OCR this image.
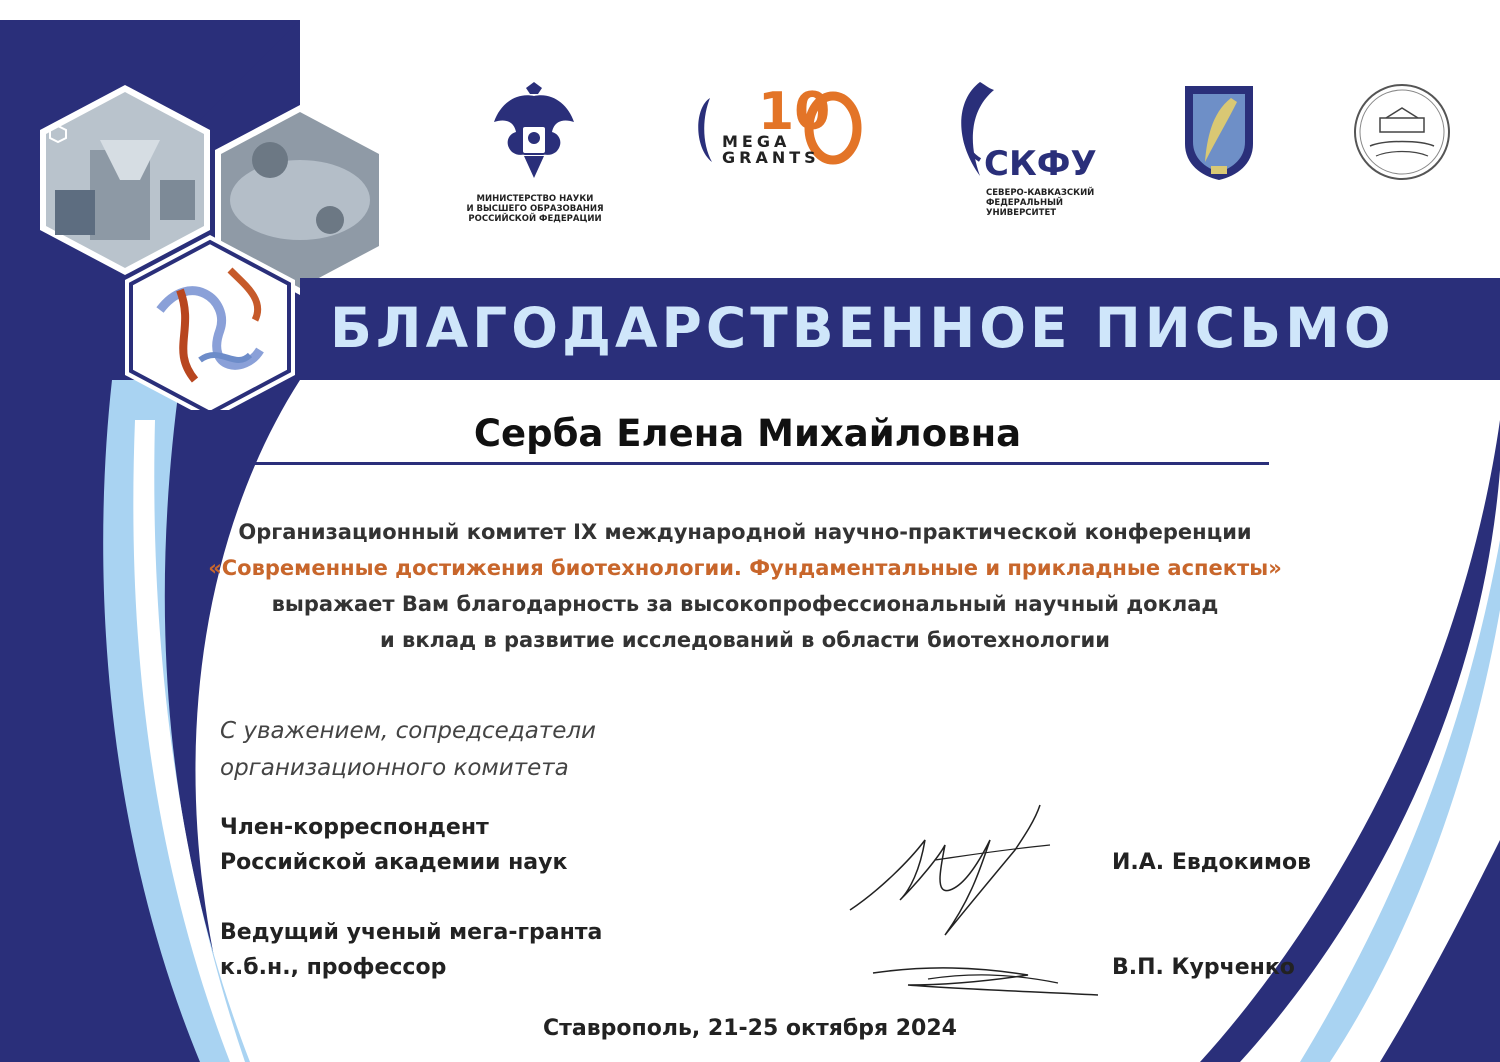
МИНИСТЕРСТВО НАУКИ
И ВЫСШЕГО ОБРАЗОВАНИЯ
РОССИЙСКОЙ ФЕДЕРАЦИИ
10
MEGA
GRANTS	СКФУ
СЕВЕРО-КАВКАЗСКИЙ
ФЕДЕРАЛЬНЫЙ
УНИВЕРСИТЕТ
БЛАГОДАРСТВЕННОЕ ПИСЬМО
Серба Елена Михайловна
Организационный комитет IX международной научно-практической конференции
«Современные достижения биотехнологии. Фундаментальные и прикладные аспекты»
выражает Вам благодарность за высокопрофессиональный научный доклад
и вклад в развитие исследований в области биотехнологии
С уважением, сопредседатели
организационного комитета
Член-корреспондент
Российской академии наук	И.А. Евдокимов
Ведущий ученый мега-гранта
к.б.н., профессор	В.П. Курченко
Ставрополь, 21-25 октября 2024
